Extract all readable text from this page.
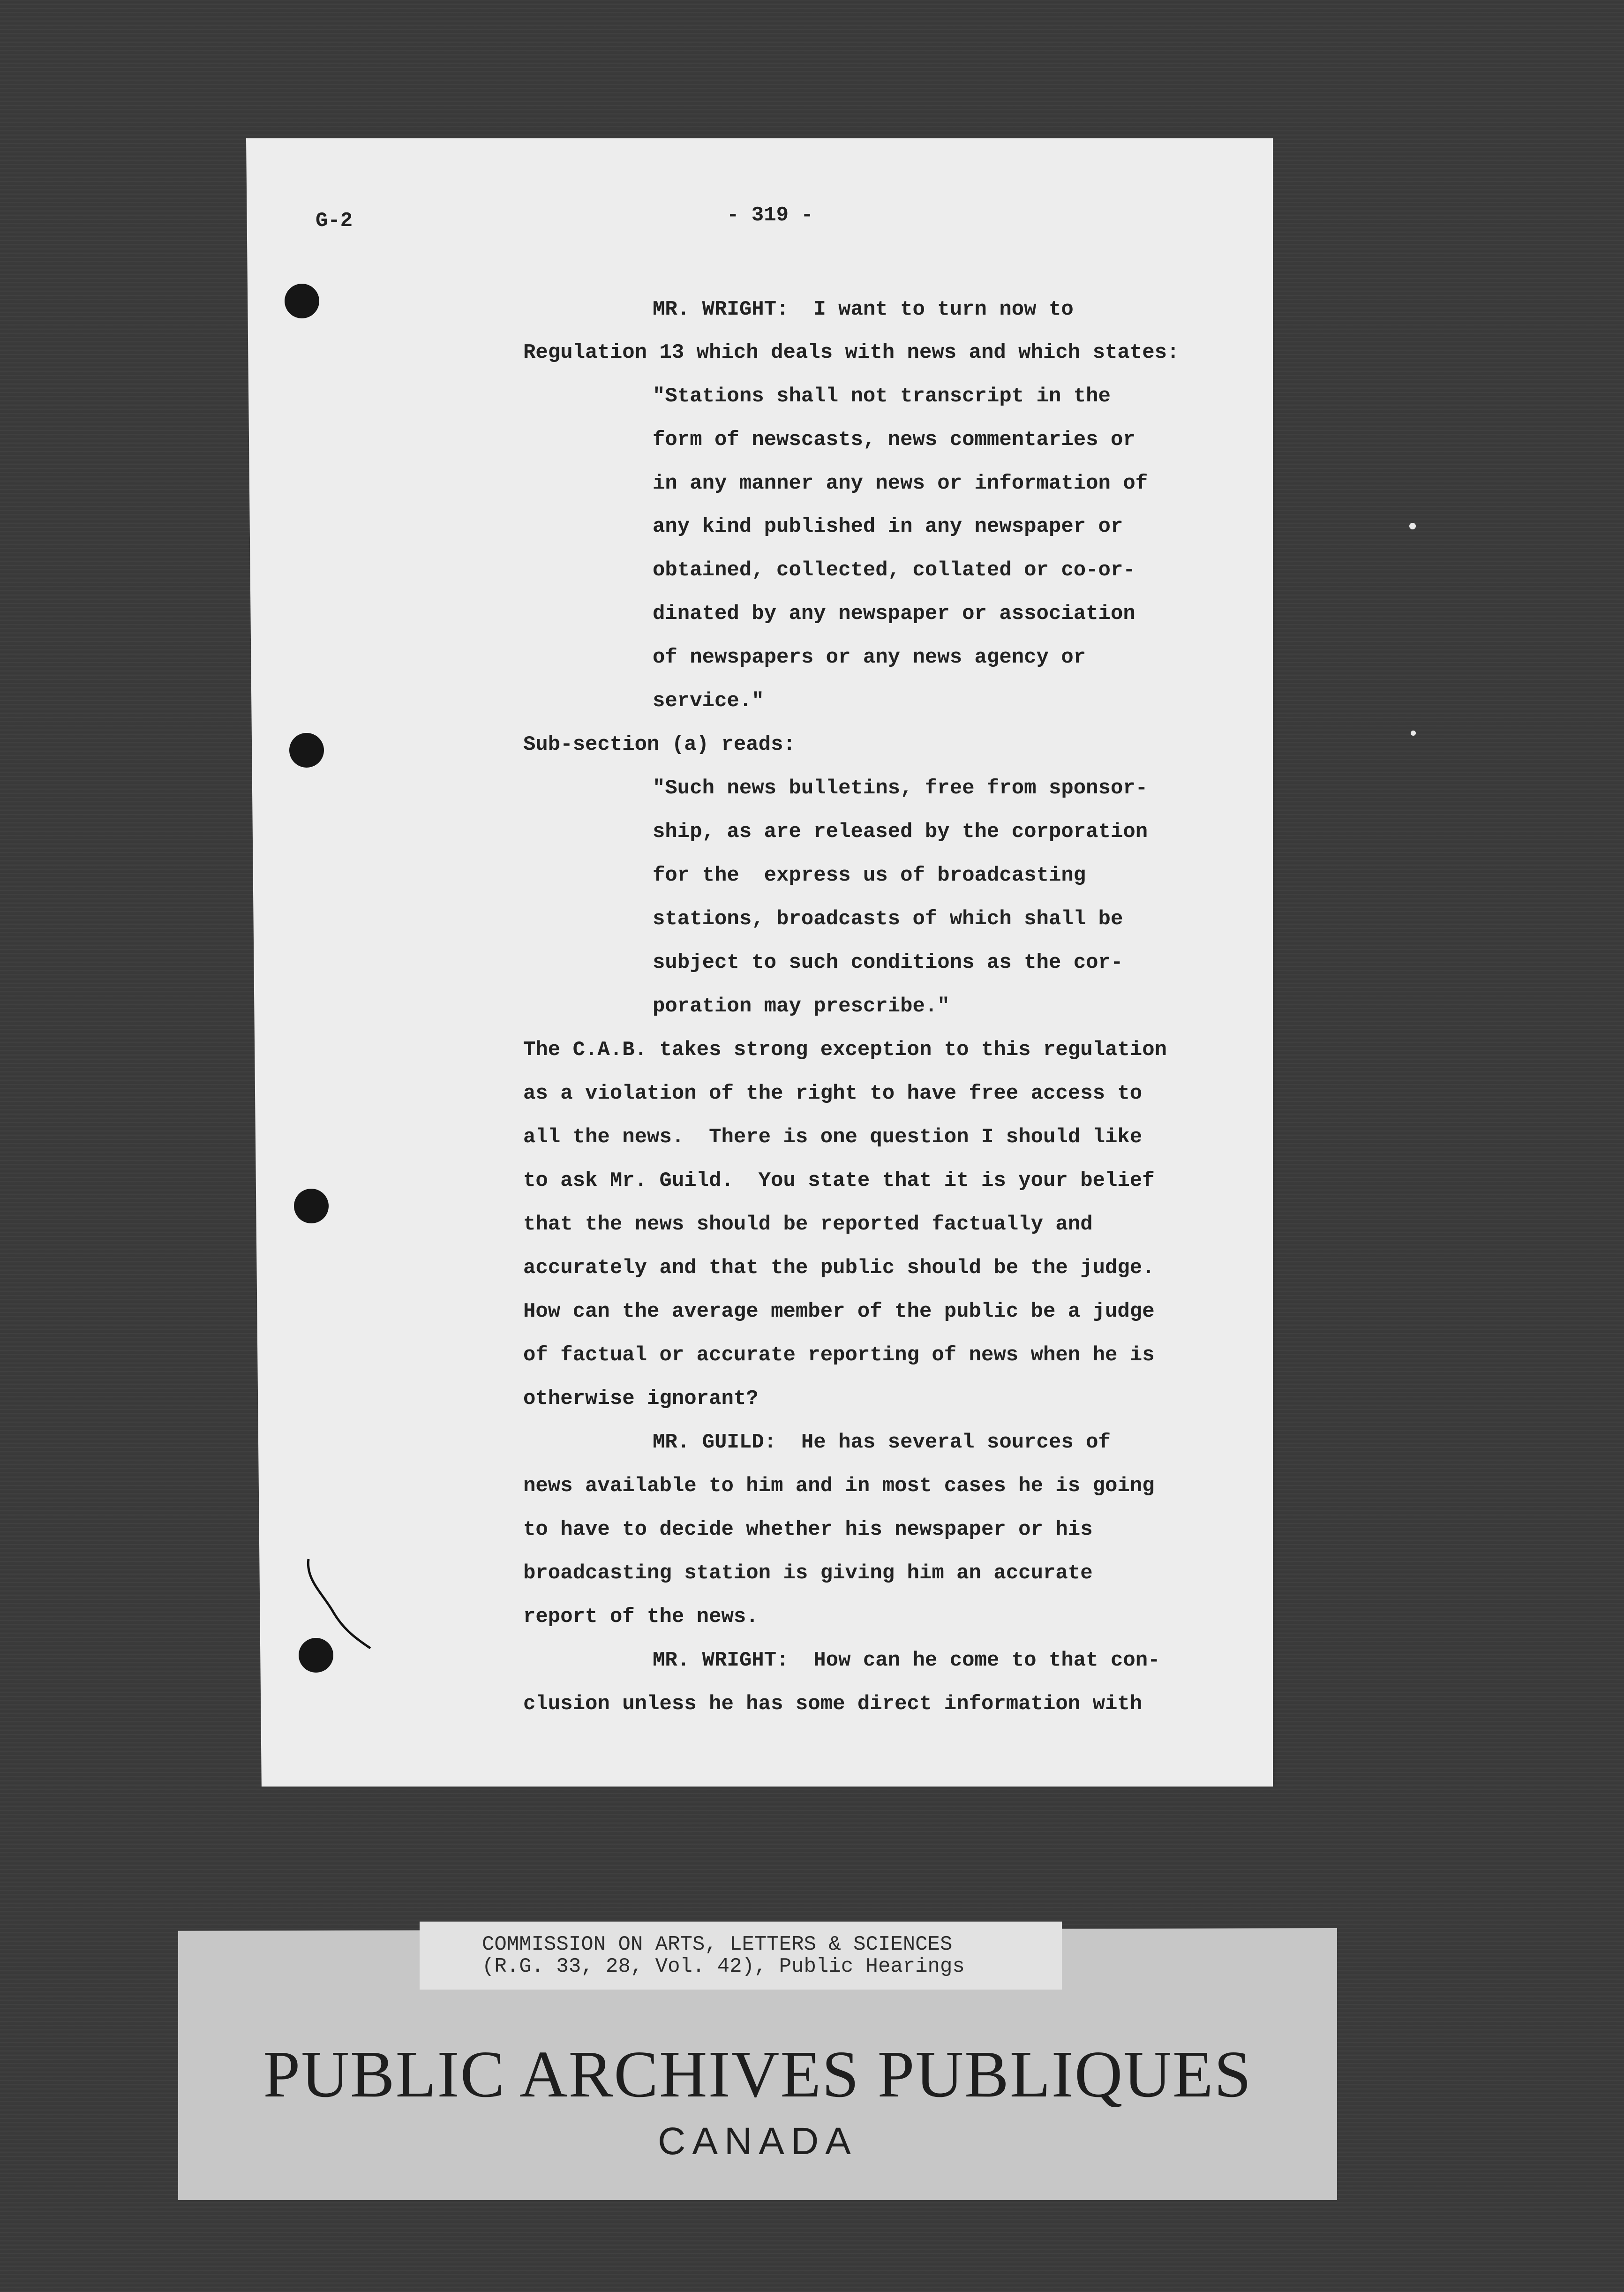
G-2	- 319 -
MR. WRIGHT:  I want to turn now to
Regulation 13 which deals with news and which states:
"Stations shall not transcript in the
form of newscasts, news commentaries or
in any manner any news or information of
any kind published in any newspaper or
obtained, collected, collated or co-or-
dinated by any newspaper or association
of newspapers or any news agency or
service."
Sub-section (a) reads:
"Such news bulletins, free from sponsor-
ship, as are released by the corporation
for the  express us of broadcasting
stations, broadcasts of which shall be
subject to such conditions as the cor-
poration may prescribe."
The C.A.B. takes strong exception to this regulation
as a violation of the right to have free access to
all the news.  There is one question I should like
to ask Mr. Guild.  You state that it is your belief
that the news should be reported factually and
accurately and that the public should be the judge.
How can the average member of the public be a judge
of factual or accurate reporting of news when he is
otherwise ignorant?
MR. GUILD:  He has several sources of
news available to him and in most cases he is going
to have to decide whether his newspaper or his
broadcasting station is giving him an accurate
report of the news.
MR. WRIGHT:  How can he come to that con-
clusion unless he has some direct information with
COMMISSION ON ARTS, LETTERS & SCIENCES
(R.G. 33, 28, Vol. 42), Public Hearings
PUBLIC ARCHIVES PUBLIQUES
CANADA
